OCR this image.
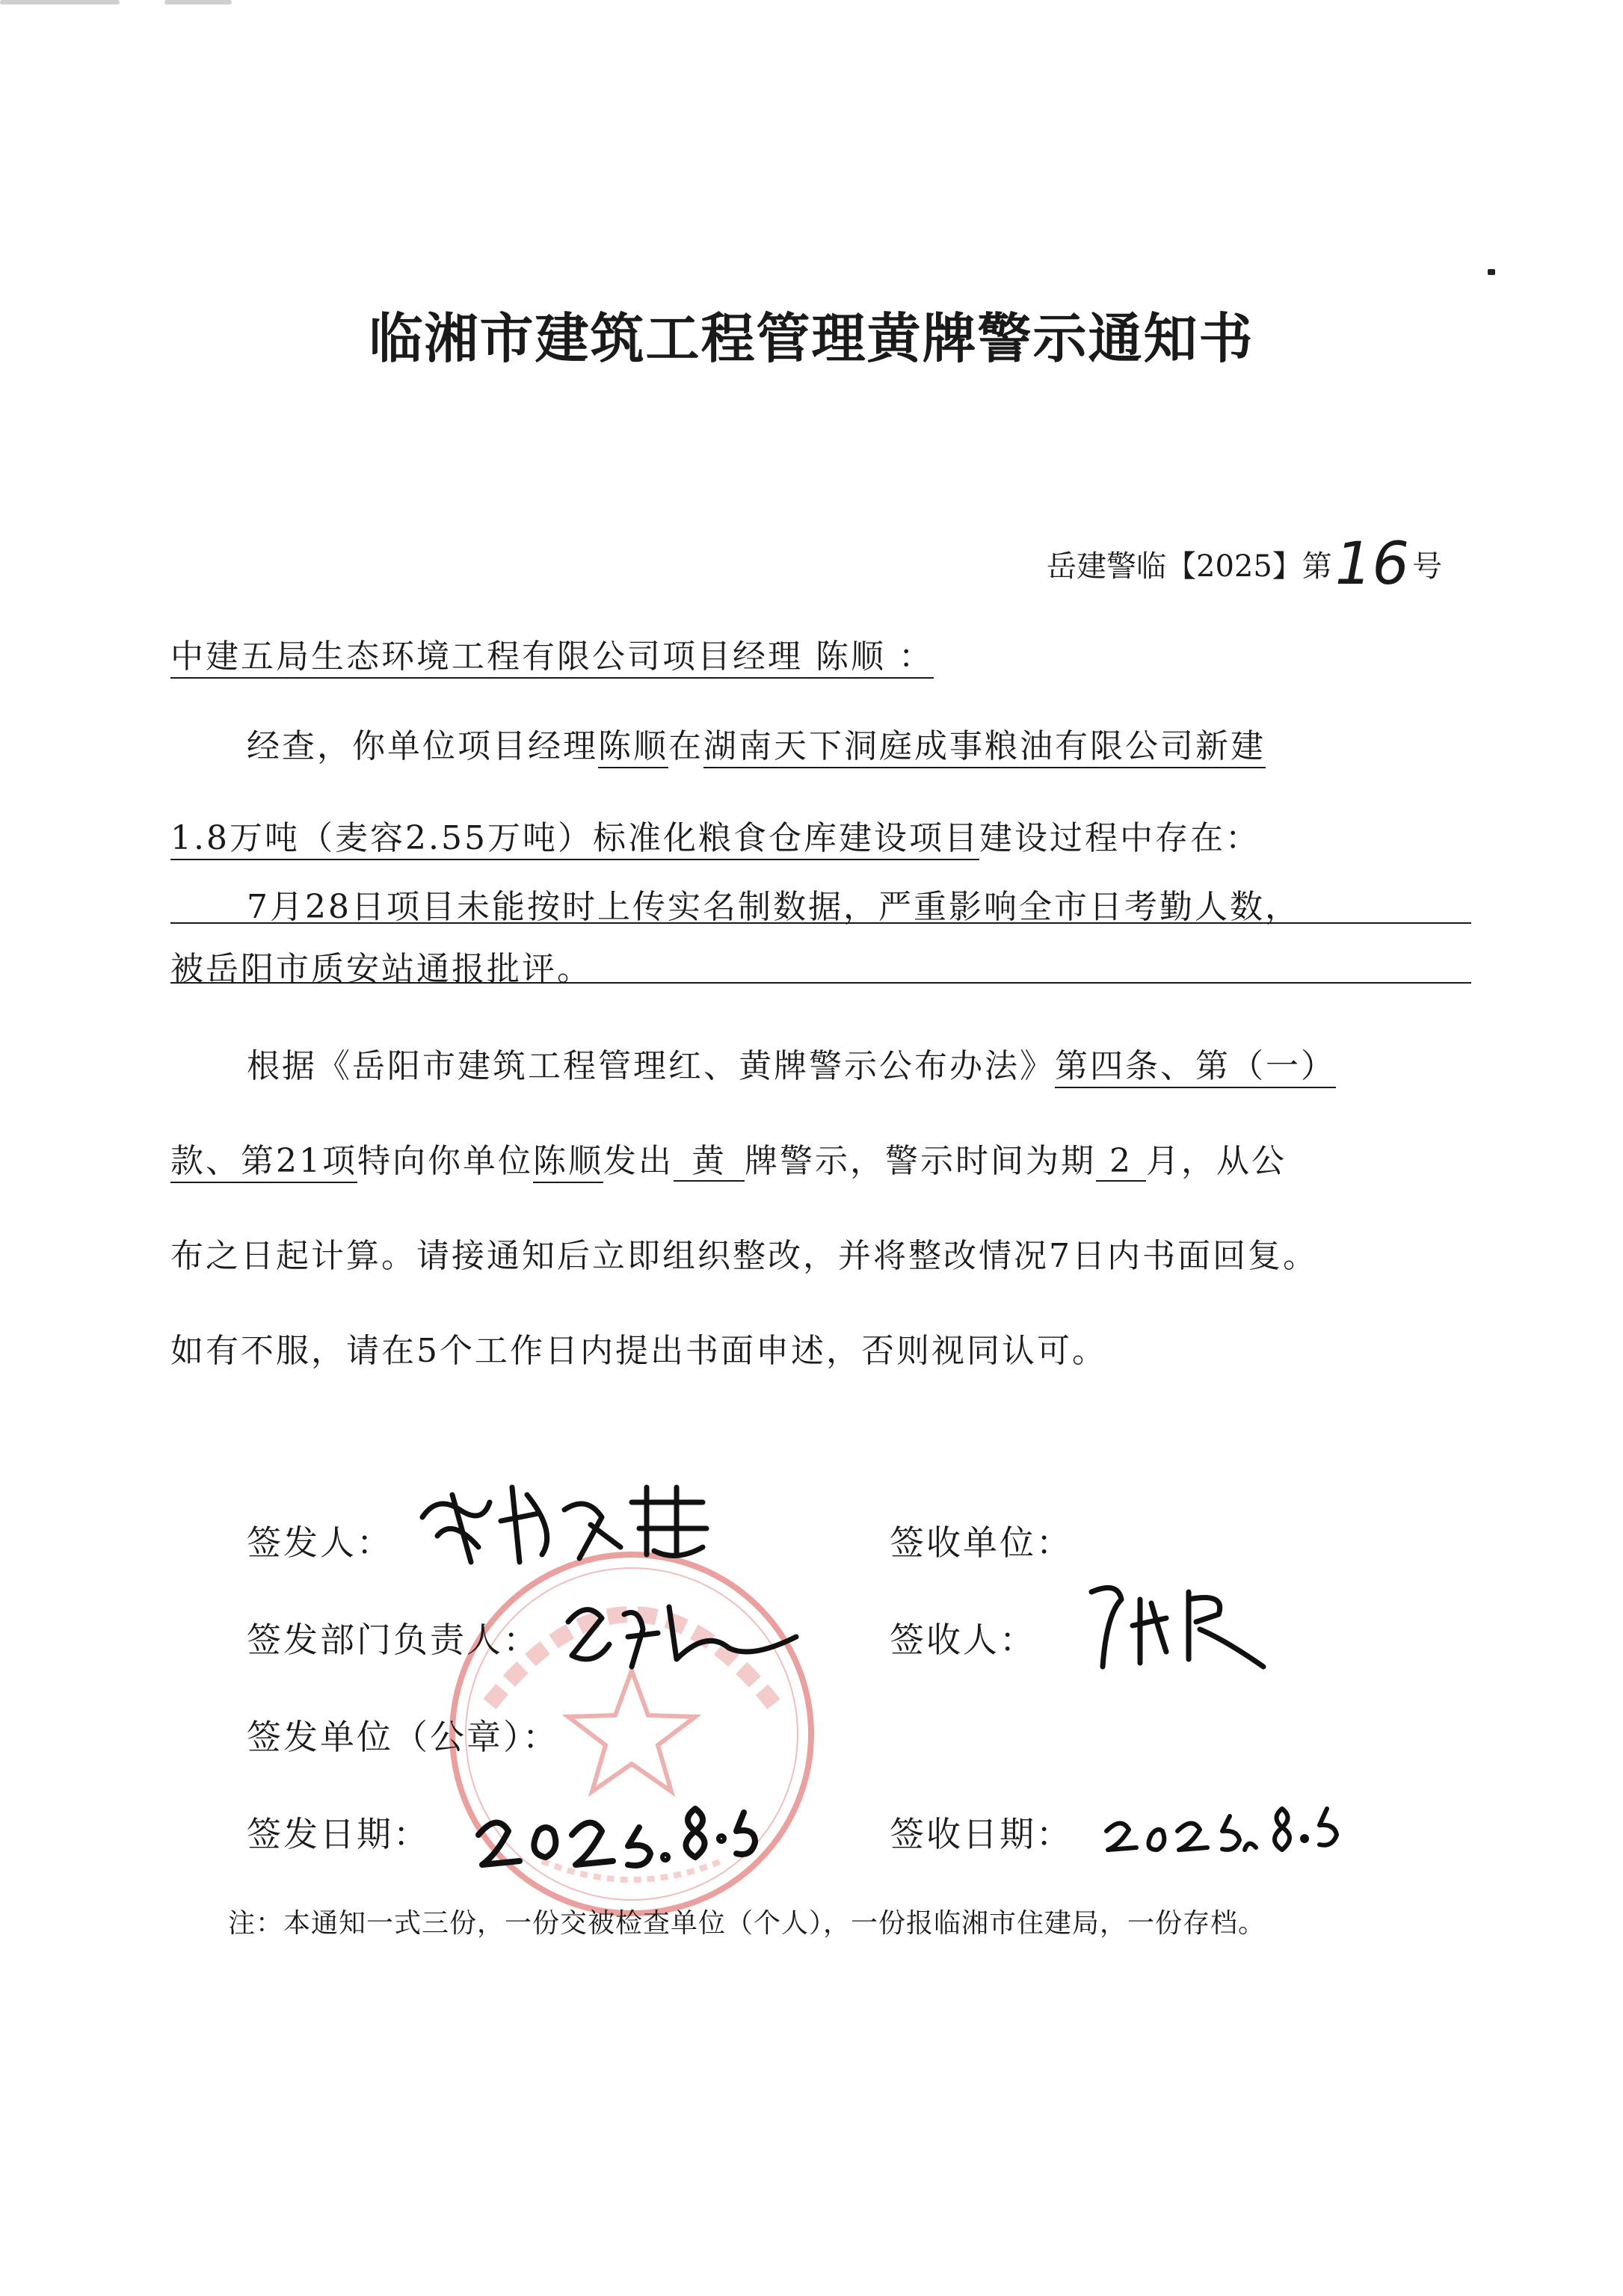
临湘市建筑工程管理黄牌警示通知书
岳建警临【2025】第16 号
中建五局生态环境工程有限公司项目经理 陈顺 ：
经查，你单位项目经理陈顺在湖南天下洞庭成事粮油有限公司新建
1.8万吨（麦容2.55万吨）标准化粮食仓库建设项目建设过程中存在：
7月28日项目未能按时上传实名制数据，严重影响全市日考勤人数，
被岳阳市质安站通报批评。
根据《岳阳市建筑工程管理红、黄牌警示公布办法》第四条、第（一）
款、第21项特向你单位陈顺发出 黄 牌警示，警示时间为期 2 月，从公
布之日起计算。请接通知后立即组织整改，并将整改情况7日内书面回复。
如有不服，请在5个工作日内提出书面申述，否则视同认可。
签发人：	签收单位：
签发部门负责人：	签收人：
签发单位（公章）：
签发日期：	签收日期：
注：本通知一式三份，一份交被检查单位（个人），一份报临湘市住建局，一份存档。
